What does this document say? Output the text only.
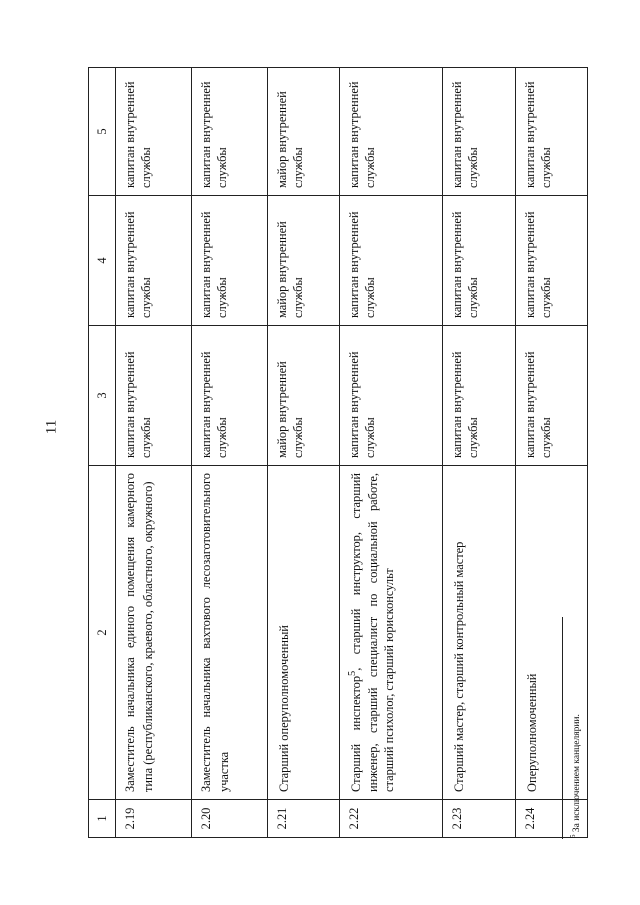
11
1	2	3	4	5
2.19	Заместитель начальника единого помещения камерного типа (республиканского, краевого, областного, окружного)	капитан внутренней службы	капитан внутренней службы	капитан внутренней службы
2.20	Заместитель начальника вахтового лесозаготовительного участка	капитан внутренней службы	капитан внутренней службы	капитан внутренней службы
2.21	Старший оперуполномоченный	майор внутренней службы	майор внутренней службы	майор внутренней службы
2.22	Старший инспектор$^5$, старший инструктор, старший инженер, старший специалист по социальной работе, старший психолог, старший юрисконсульт	капитан внутренней службы	капитан внутренней службы	капитан внутренней службы
2.23	Старший мастер, старший контрольный мастер	капитан внутренней службы	капитан внутренней службы	капитан внутренней службы
2.24	Оперуполномоченный	капитан внутренней службы	капитан внутренней службы	капитан внутренней службы
$^5$ За исключением канцелярии.
